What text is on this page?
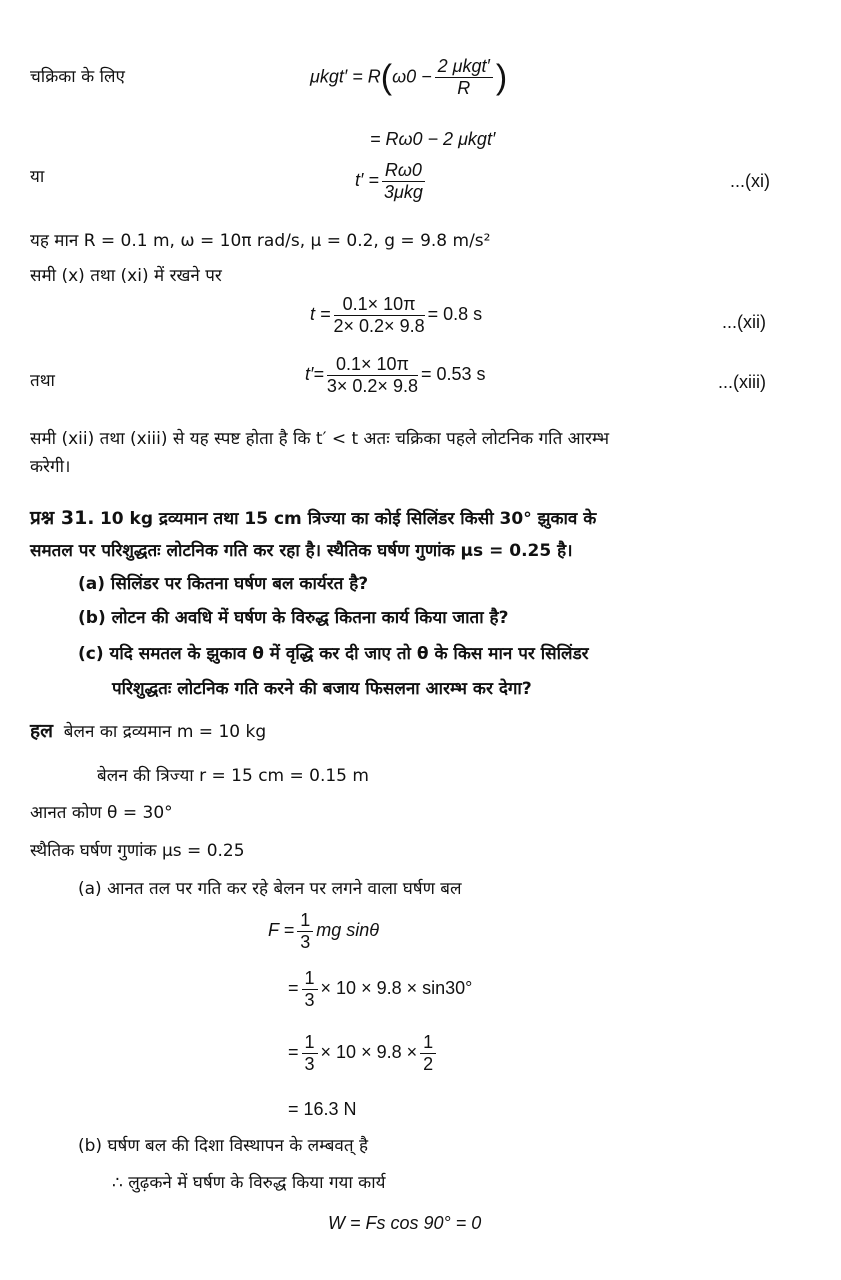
चक्रिका के लिए	$\mu kgt' = R(\omega 0 - \frac{\text{2 μkgt′}}{R}$ )
= Rω0 − 2 μkgt′
या	$t' = \frac{R\omega 0}{\text{3μkg}}$	...(xi)
यह मान R = 0.1 m, ω = 10π rad/s, μ = 0.2, g = 9.8 m/s²
समी (x) तथा (xi) में रखने पर
$t = \frac{0.1\times 10\pi}{2\times 0.2\times 9.8} = 0.8$ s	...(xii)
तथा	$t'= \frac{0.1\times 10\pi}{3\times 0.2\times 9.8} = 0.53$ s	...(xiii)
समी (xii) तथा (xiii) से यह स्पष्ट होता है कि t′ < t अतः चक्रिका पहले लोटनिक गति आरम्भ
करेगी।
प्रश्न 31. 10 kg द्रव्यमान तथा 15 cm त्रिज्या का कोई सिलिंडर किसी 30° झुकाव के
समतल पर परिशुद्धतः लोटनिक गति कर रहा है। स्थैतिक घर्षण गुणांक μs = 0.25 है।
(a) सिलिंडर पर कितना घर्षण बल कार्यरत है?
(b) लोटन की अवधि में घर्षण के विरुद्ध कितना कार्य किया जाता है?
(c) यदि समतल के झुकाव θ में वृद्धि कर दी जाए तो θ के किस मान पर सिलिंडर
परिशुद्धतः लोटनिक गति करने की बजाय फिसलना आरम्भ कर देगा?
हल बेलन का द्रव्यमान m = 10 kg
बेलन की त्रिज्या r = 15 cm = 0.15 m
आनत कोण θ = 30°
स्थैतिक घर्षण गुणांक μs = 0.25
(a) आनत तल पर गति कर रहे बेलन पर लगने वाला घर्षण बल
$F = \frac{1}{3}$ mg sinθ
= $\frac{1}{3} \times 10 \times 9.8 \times \sin 30^\circ$
= $\frac{1}{3} \times 10 \times 9.8 \times \frac{1}{2}$
= 16.3 N
(b) घर्षण बल की दिशा विस्थापन के लम्बवत् है
∴ लुढ़कने में घर्षण के विरुद्ध किया गया कार्य
W = Fs cos 90° = 0
